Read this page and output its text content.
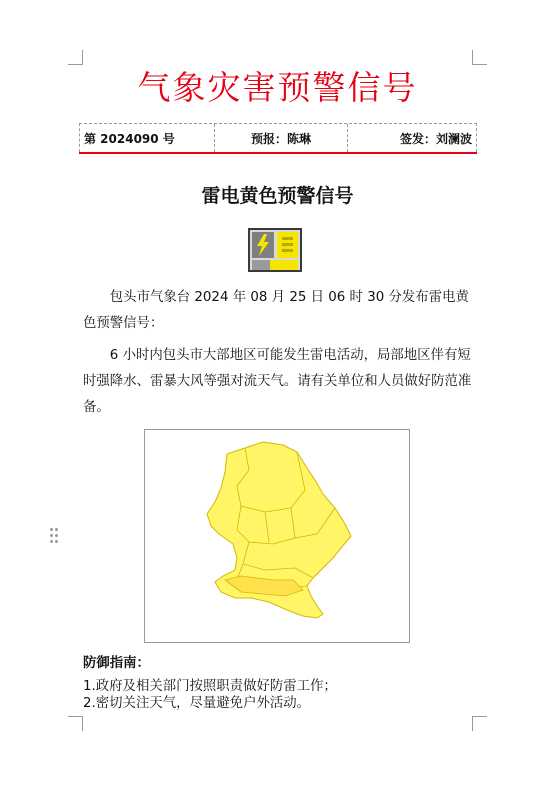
气象灾害预警信号
第 2024090 号	预报：陈琳	签发：刘澜波
雷电黄色预警信号
包头市气象台 2024 年 08 月 25 日 06 时 30 分发布雷电黄色预警信号：
6 小时内包头市大部地区可能发生雷电活动，局部地区伴有短时强降水、雷暴大风等强对流天气。请有关单位和人员做好防范准备。
防御指南：
1.政府及相关部门按照职责做好防雷工作；
2.密切关注天气，尽量避免户外活动。
